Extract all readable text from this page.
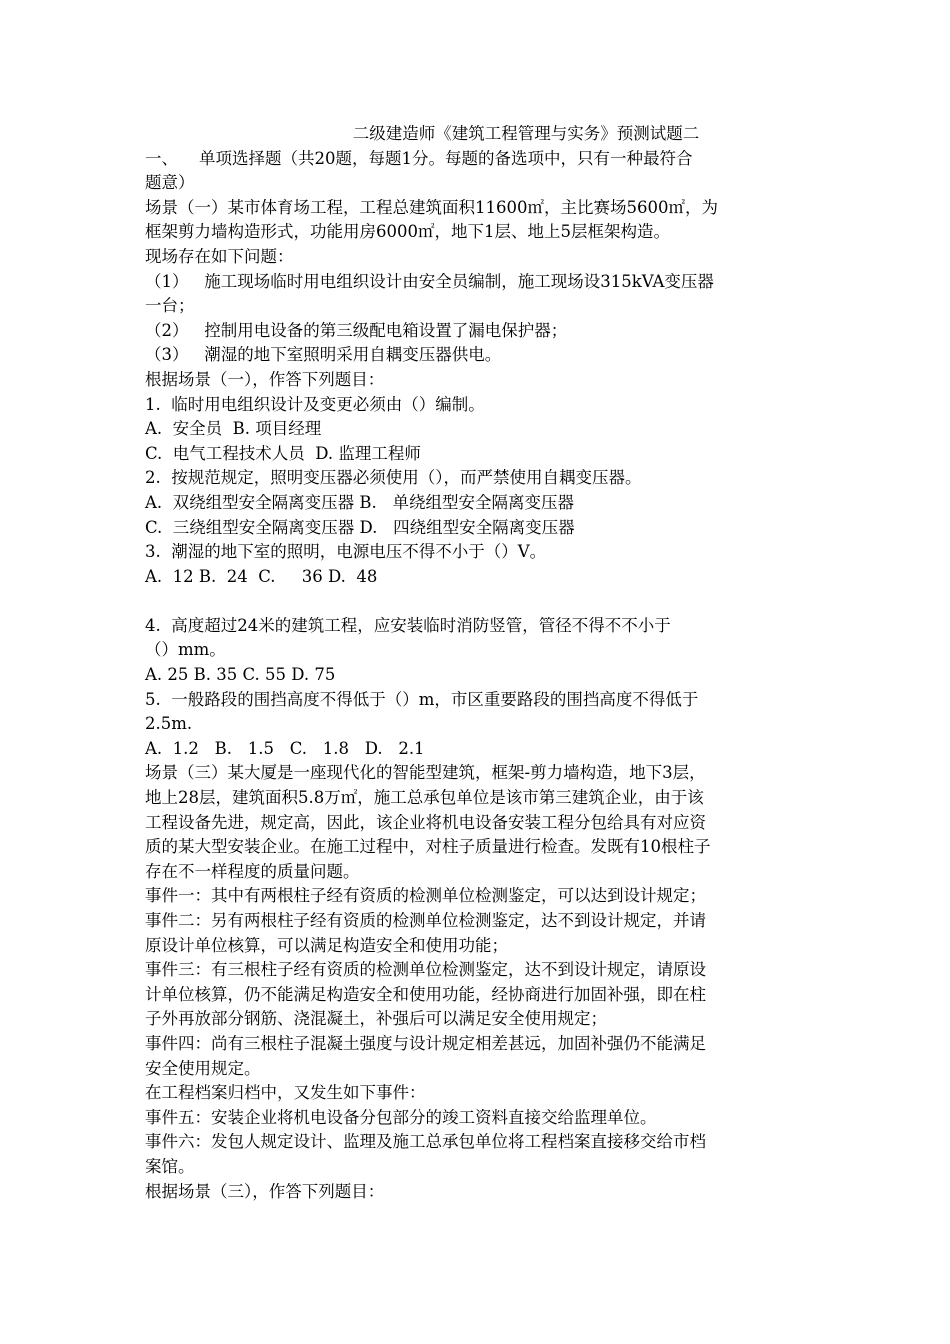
二级建造师《建筑工程管理与实务》预测试题二

一、    单项选择题（共20题，每题1分。每题的备选项中，只有一种最符合

题意）

场景（一）某市体育场工程，工程总建筑面积11600㎡，主比赛场5600㎡，为

框架剪力墙构造形式，功能用房6000㎡，地下1层、地上5层框架构造。

现场存在如下问题：

（1）   施工现场临时用电组织设计由安全员编制，施工现场设315kVA变压器

一台；

（2）   控制用电设备的第三级配电箱设置了漏电保护器；

（3）   潮湿的地下室照明采用自耦变压器供电。

根据场景（一），作答下列题目：

1.  临时用电组织设计及变更必须由（）编制。

A.  安全员  B. 项目经理

C.  电气工程技术人员  D. 监理工程师

2.  按规范规定，照明变压器必须使用（），而严禁使用自耦变压器。

A.  双绕组型安全隔离变压器 B.   单绕组型安全隔离变压器

C.  三绕组型安全隔离变压器 D.   四绕组型安全隔离变压器

3.  潮湿的地下室的照明，电源电压不得不小于（）V。

A.  12 B.  24  C.     36 D.  48

4.  高度超过24米的建筑工程，应安装临时消防竖管，管径不得不不小于

（）mm。

A. 25 B. 35 C. 55 D. 75

5.  一般路段的围挡高度不得低于（）m，市区重要路段的围挡高度不得低于

2.5m.

A.  1.2   B.   1.5   C.   1.8   D.   2.1

场景（三）某大厦是一座现代化的智能型建筑，框架-剪力墙构造，地下3层，

地上28层，建筑面积5.8万㎡，施工总承包单位是该市第三建筑企业，由于该

工程设备先进，规定高，因此，该企业将机电设备安装工程分包给具有对应资

质的某大型安装企业。在施工过程中，对柱子质量进行检查。发既有10根柱子

存在不一样程度的质量问题。

事件一：其中有两根柱子经有资质的检测单位检测鉴定，可以达到设计规定；

事件二：另有两根柱子经有资质的检测单位检测鉴定，达不到设计规定，并请

原设计单位核算，可以满足构造安全和使用功能；

事件三：有三根柱子经有资质的检测单位检测鉴定，达不到设计规定，请原设

计单位核算，仍不能满足构造安全和使用功能，经协商进行加固补强，即在柱

子外再放部分钢筋、浇混凝土，补强后可以满足安全使用规定；

事件四：尚有三根柱子混凝土强度与设计规定相差甚远，加固补强仍不能满足

安全使用规定。

在工程档案归档中，又发生如下事件：

事件五：安装企业将机电设备分包部分的竣工资料直接交给监理单位。

事件六：发包人规定设计、监理及施工总承包单位将工程档案直接移交给市档

案馆。

根据场景（三），作答下列题目：
